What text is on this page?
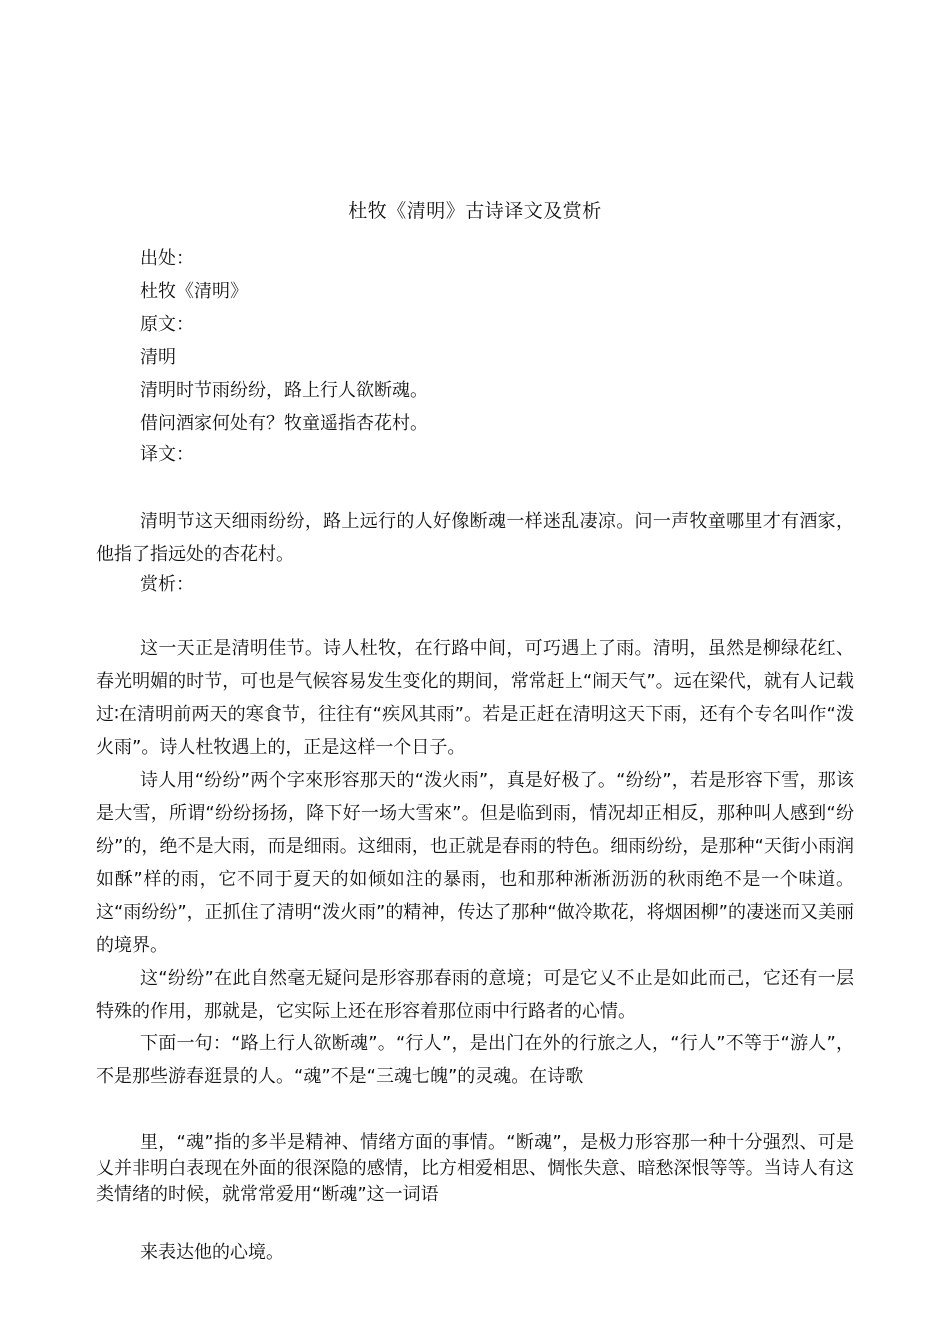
杜牧《清明》古诗译文及赏析
出处：
杜牧《清明》
原文：
清明
清明时节雨纷纷，路上行人欲断魂。
借问酒家何处有？牧童遥指杏花村。
译文：

清明节这天细雨纷纷，路上远行的人好像断魂一样迷乱凄凉。问一声牧童哪里才有酒家，他指了指远处的杏花村。

赏析：

这一天正是清明佳节。诗人杜牧，在行路中间，可巧遇上了雨。清明，虽然是柳绿花红、春光明媚的时节，可也是气候容易发生变化的期间，常常赶上“闹天气”。远在梁代，就有人记载过∶在清明前两天的寒食节，往往有“疾风其雨”。若是正赶在清明这天下雨，还有个专名叫作“泼火雨”。诗人杜牧遇上的，正是这样一个日子。

诗人用“纷纷”两个字來形容那天的“泼火雨”，真是好极了。“纷纷”，若是形容下雪，那该是大雪，所谓“纷纷扬扬，降下好一场大雪來”。但是临到雨，情况却正相反，那种叫人感到“纷纷”的，绝不是大雨，而是细雨。这细雨，也正就是春雨的特色。细雨纷纷，是那种“天街小雨润如酥”样的雨，它不同于夏天的如倾如注的暴雨，也和那种淅淅沥沥的秋雨绝不是一个味道。这“雨纷纷”，正抓住了清明“泼火雨”的精神，传达了那种“做冷欺花，将烟困柳”的凄迷而又美丽的境界。

这“纷纷”在此自然毫无疑问是形容那春雨的意境；可是它乂不止是如此而己，它还有一层特殊的作用，那就是，它实际上还在形容着那位雨中行路者的心情。

下面一句：“路上行人欲断魂”。“行人”，是出门在外的行旅之人，“行人”不等于“游人”，不是那些游春逛景的人。“魂”不是“三魂七魄”的灵魂。在诗歌

里，“魂”指的多半是精神、情绪方面的事情。“断魂”，是极力形容那一种十分强烈、可是乂并非明白表现在外面的很深隐的感情，比方相爱相思、惆怅失意、暗愁深恨等等。当诗人有这类情绪的时候，就常常爱用“断魂”这一词语

来表达他的心境。
